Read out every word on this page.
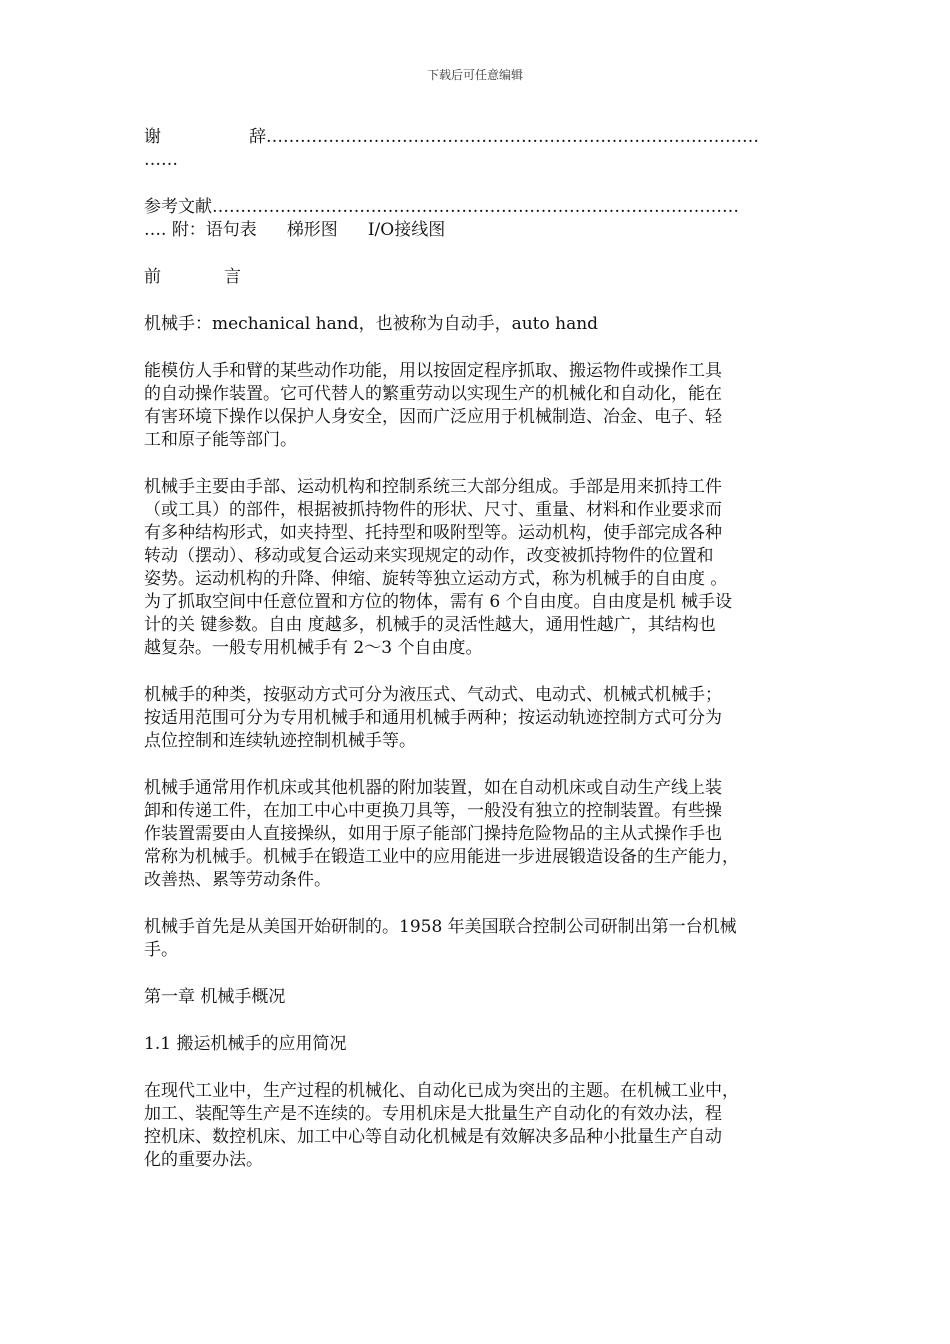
下载后可任意编辑
谢	辞……………………………………………………………………………
……
参考文献…………………………………………………………………………………
…. 附：语句表 梯形图 I/O接线图
前	言
机械手：mechanical hand，也被称为自动手，auto hand
能模仿人手和臂的某些动作功能，用以按固定程序抓取、搬运物件或操作工具
的自动操作装置。它可代替人的繁重劳动以实现生产的机械化和自动化，能在
有害环境下操作以保护人身安全，因而广泛应用于机械制造、冶金、电子、轻
工和原子能等部门。
机械手主要由手部、运动机构和控制系统三大部分组成。手部是用来抓持工件
（或工具）的部件，根据被抓持物件的形状、尺寸、重量、材料和作业要求而
有多种结构形式，如夹持型、托持型和吸附型等。运动机构，使手部完成各种
转动（摆动）、移动或复合运动来实现规定的动作，改变被抓持物件的位置和
姿势。运动机构的升降、伸缩、旋转等独立运动方式，称为机械手的自由度 。
为了抓取空间中任意位置和方位的物体，需有 6 个自由度。自由度是机 械手设
计的关 键参数。自由 度越多，机械手的灵活性越大，通用性越广，其结构也
越复杂。一般专用机械手有 2～3 个自由度。
机械手的种类，按驱动方式可分为液压式、气动式、电动式、机械式机械手；
按适用范围可分为专用机械手和通用机械手两种；按运动轨迹控制方式可分为
点位控制和连续轨迹控制机械手等。
机械手通常用作机床或其他机器的附加装置，如在自动机床或自动生产线上装
卸和传递工件，在加工中心中更换刀具等，一般没有独立的控制装置。有些操
作装置需要由人直接操纵，如用于原子能部门操持危险物品的主从式操作手也
常称为机械手。机械手在锻造工业中的应用能进一步进展锻造设备的生产能力，
改善热、累等劳动条件。
机械手首先是从美国开始研制的。1958 年美国联合控制公司研制出第一台机械
手。
第一章 机械手概况
1.1 搬运机械手的应用简况
在现代工业中，生产过程的机械化、自动化已成为突出的主题。在机械工业中，
加工、装配等生产是不连续的。专用机床是大批量生产自动化的有效办法，程
控机床、数控机床、加工中心等自动化机械是有效解决多品种小批量生产自动
化的重要办法。
